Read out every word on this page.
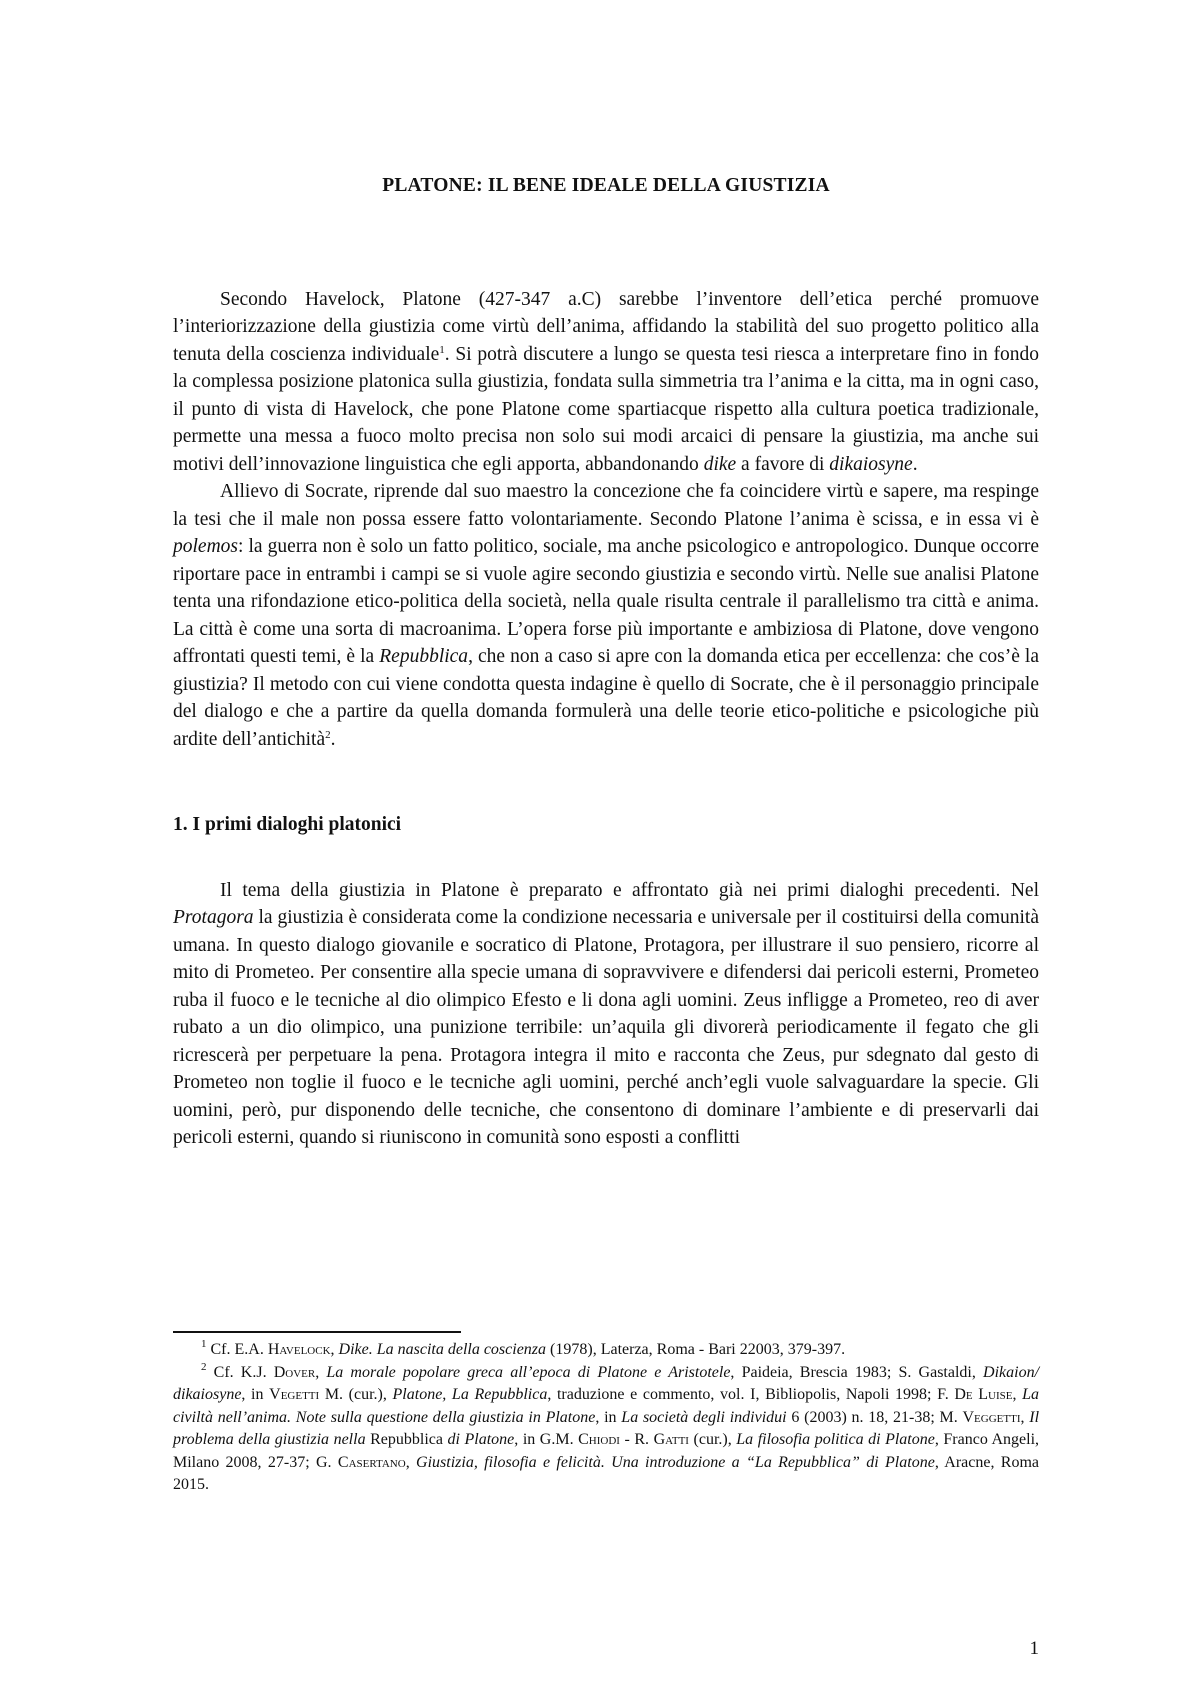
PLATONE: IL BENE IDEALE DELLA GIUSTIZIA

Secondo Havelock, Platone (427-347 a.C) sarebbe l’inventore dell’etica perché promuove l’interiorizzazione della giustizia come virtù dell’anima, affidando la stabilità del suo progetto politico alla tenuta della coscienza individuale$^1$. Si potrà discutere a lungo se questa tesi riesca a interpretare fino in fondo la complessa posizione platonica sulla giustizia, fondata sulla simmetria tra l’anima e la citta, ma in ogni caso, il punto di vista di Havelock, che pone Platone come spartiacque rispetto alla cultura poetica tradizionale, permette una messa a fuoco molto precisa non solo sui modi arcaici di pensare la giustizia, ma anche sui motivi dell’innovazione linguistica che egli apporta, abbandonando dike a favore di dikaiosyne.

Allievo di Socrate, riprende dal suo maestro la concezione che fa coincidere virtù e sapere, ma respinge la tesi che il male non possa essere fatto volontariamente. Secondo Platone l’anima è scissa, e in essa vi è polemos: la guerra non è solo un fatto politico, sociale, ma anche psicologico e antropologico. Dunque occorre riportare pace in entrambi i campi se si vuole agire secondo giustizia e secondo virtù. Nelle sue analisi Platone tenta una rifondazione etico-politica della società, nella quale risulta centrale il parallelismo tra città e anima. La città è come una sorta di macroanima. L’opera forse più importante e ambiziosa di Platone, dove vengono affrontati questi temi, è la Repubblica, che non a caso si apre con la domanda etica per eccellenza: che cos’è la giustizia? Il metodo con cui viene condotta questa indagine è quello di Socrate, che è il personaggio principale del dialogo e che a partire da quella domanda formulerà una delle teorie etico-politiche e psicologiche più ardite dell’antichità$^2$.

1. I primi dialoghi platonici

Il tema della giustizia in Platone è preparato e affrontato già nei primi dialoghi precedenti. Nel Protagora la giustizia è considerata come la condizione necessaria e universale per il costituirsi della comunità umana. In questo dialogo giovanile e socratico di Platone, Protagora, per illustrare il suo pensiero, ricorre al mito di Prometeo. Per consentire alla specie umana di sopravvivere e difendersi dai pericoli esterni, Prometeo ruba il fuoco e le tecniche al dio olimpico Efesto e li dona agli uomini. Zeus infligge a Prometeo, reo di aver rubato a un dio olimpico, una punizione terribile: un’aquila gli divorerà periodicamente il fegato che gli ricrescerà per perpetuare la pena. Protagora integra il mito e racconta che Zeus, pur sdegnato dal gesto di Prometeo non toglie il fuoco e le tecniche agli uomini, perché anch’egli vuole salvaguardare la specie. Gli uomini, però, pur disponendo delle tecniche, che consentono di dominare l’ambiente e di preservarli dai pericoli esterni, quando si riuniscono in comunità sono esposti a conflitti

$^1$ Cf. E.A. Havelock, Dike. La nascita della coscienza (1978), Laterza, Roma - Bari 22003, 379-397.

$^2$ Cf. K.J. Dover, La morale popolare greca all’epoca di Platone e Aristotele, Paideia, Brescia 1983; S. Gastaldi, Dikaion/ dikaiosyne, in Vegetti M. (cur.), Platone, La Repubblica, traduzione e commento, vol. I, Bibliopolis, Napoli 1998; F. De Luise, La civiltà nell’anima. Note sulla questione della giustizia in Platone, in La società degli individui 6 (2003) n. 18, 21-38; M. Veggetti, Il problema della giustizia nella Repubblica di Platone, in G.M. Chiodi - R. Gatti (cur.), La filosofia politica di Platone, Franco Angeli, Milano 2008, 27-37; G. Casertano, Giustizia, filosofia e felicità. Una introduzione a “La Repubblica” di Platone, Aracne, Roma 2015.

1
